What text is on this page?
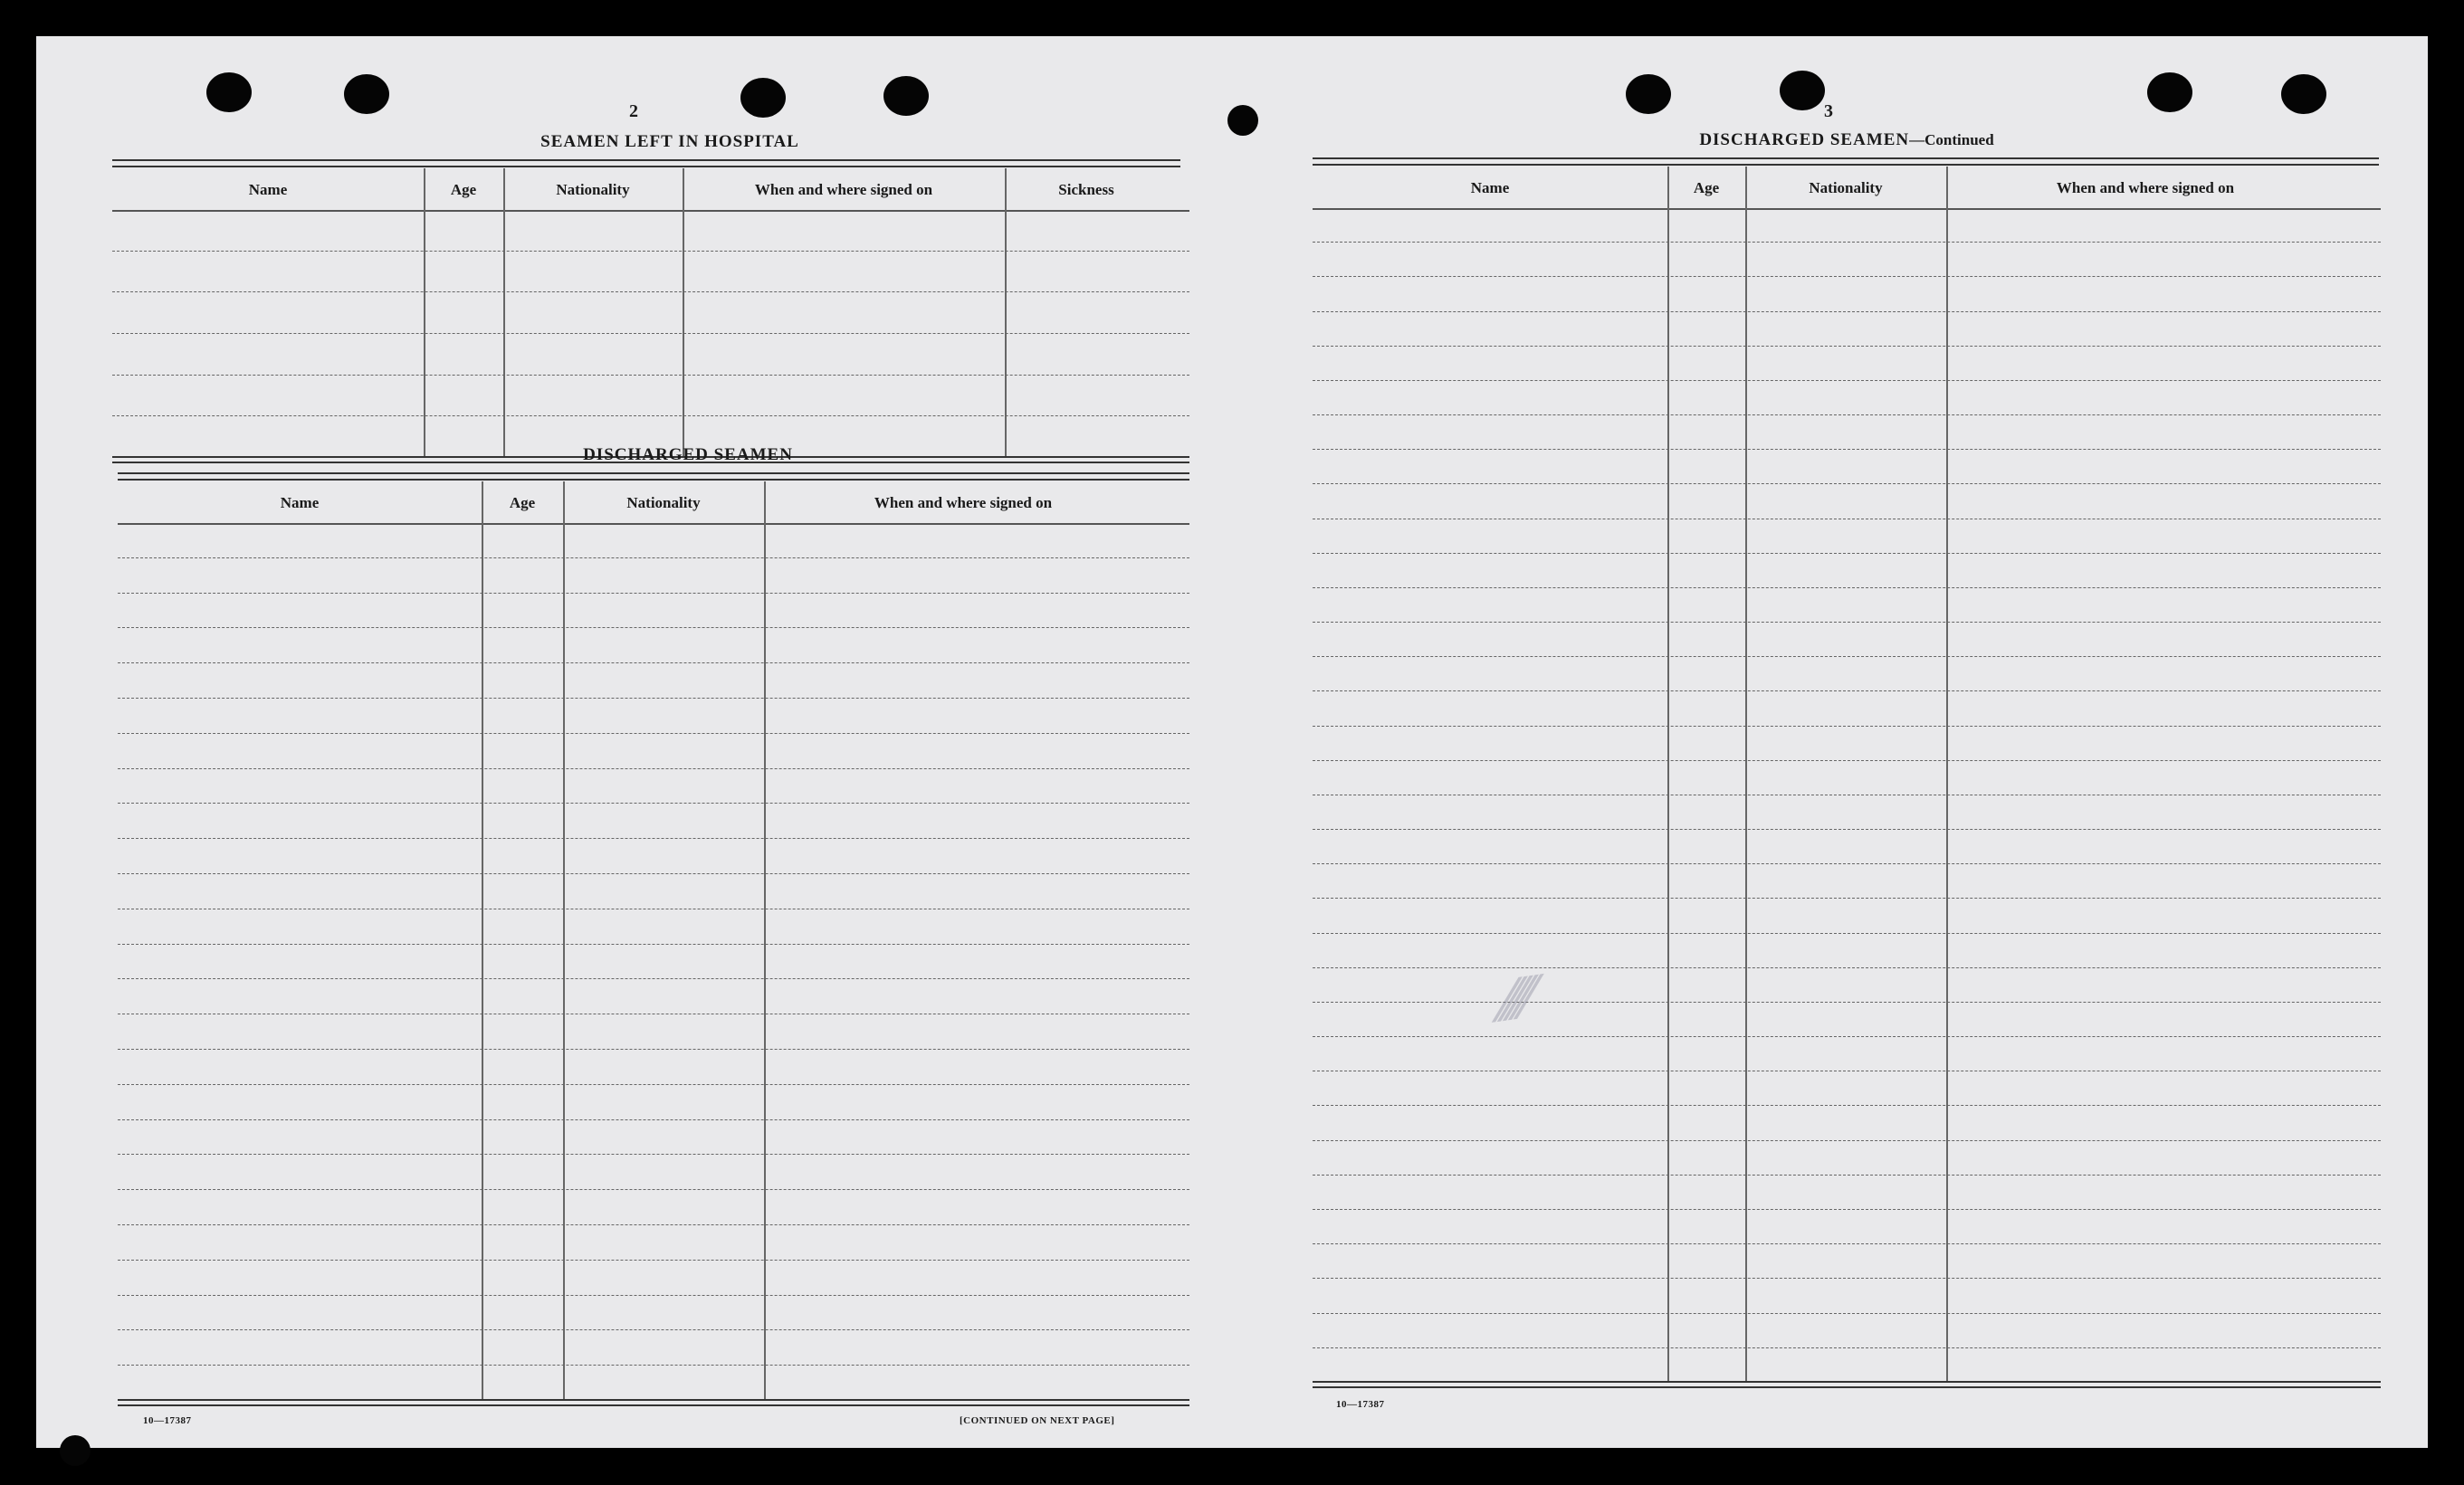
2
SEAMEN LEFT IN HOSPITAL
Name	Age	Nationality	When and where signed on	Sickness
DISCHARGED SEAMEN
Name	Age	Nationality	When and where signed on
10—17387	[CONTINUED ON NEXT PAGE]
3
DISCHARGED SEAMEN—Continued
Name	Age	Nationality	When and where signed on
10—17387
⁄⁄⁄⁄⁄
